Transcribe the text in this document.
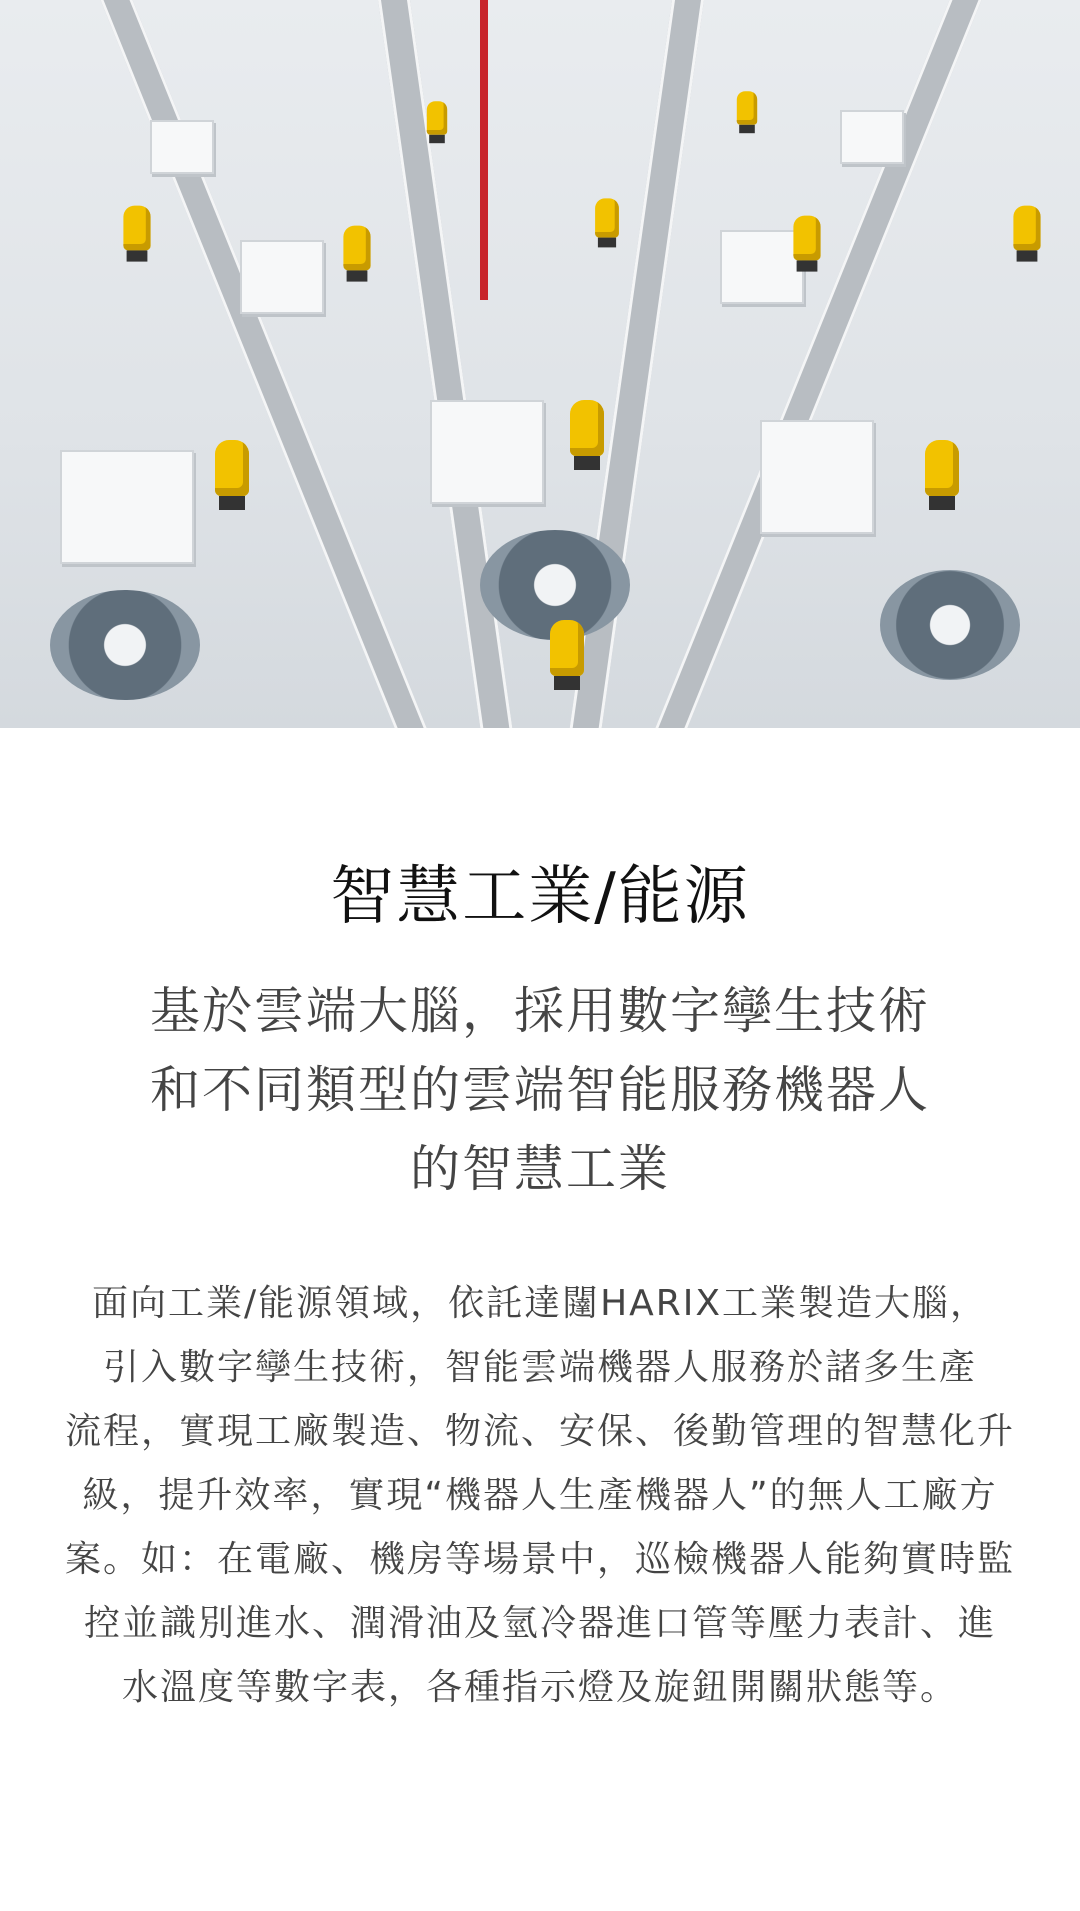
智慧工業/能源
基於雲端大腦，採用數字孿生技術
和不同類型的雲端智能服務機器人
的智慧工業
面向工業/能源領域，依託達闥HARIX工業製造大腦，
引入數字孿生技術，智能雲端機器人服務於諸多生產
流程，實現工廠製造、物流、安保、後勤管理的智慧化升
級，提升效率，實現“機器人生產機器人”的無人工廠方
案。如：在電廠、機房等場景中，巡檢機器人能夠實時監
控並識別進水、潤滑油及氫冷器進口管等壓力表計、進
水溫度等數字表，各種指示燈及旋鈕開關狀態等。
